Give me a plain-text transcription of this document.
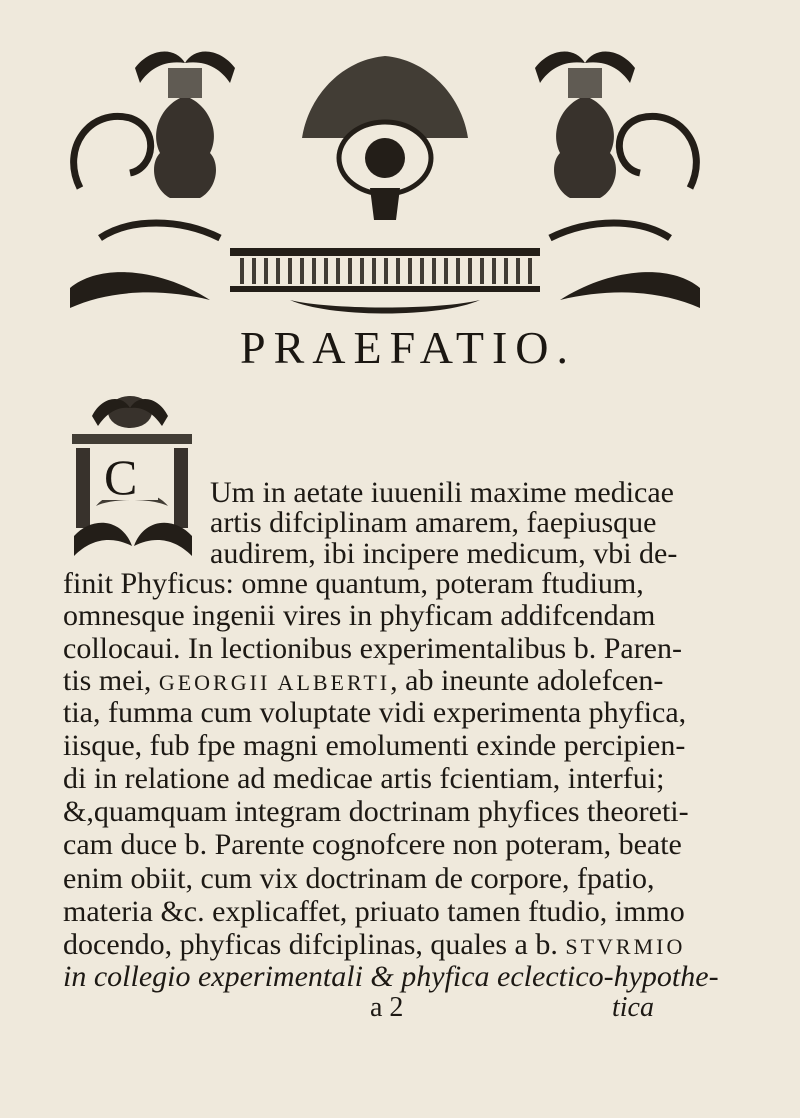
PRAEFATIO.
C Um in aetate iuuenili maxime medicae
artis difciplinam amarem, faepiusque
audirem, ibi incipere medicum, vbi de-
finit Phyficus: omne quantum, poteram ftudium,
omnesque ingenii vires in phyficam addifcendam
collocaui. In lectionibus experimentalibus b. Paren-
tis mei, GEORGII ALBERTI, ab ineunte adolefcen-
tia, fumma cum voluptate vidi experimenta phyfica,
iisque, fub fpe magni emolumenti exinde percipien-
di in relatione ad medicae artis fcientiam, interfui;
&,quamquam integram doctrinam phyfices theoreti-
cam duce b. Parente cognofcere non poteram, beate
enim obiit, cum vix doctrinam de corpore, fpatio,
materia &c. explicaffet, priuato tamen ftudio, immo
docendo, phyficas difciplinas, quales a b. STVRMIO
in collegio experimentali & phyfica eclectico-hypothe-
a 2	tica
